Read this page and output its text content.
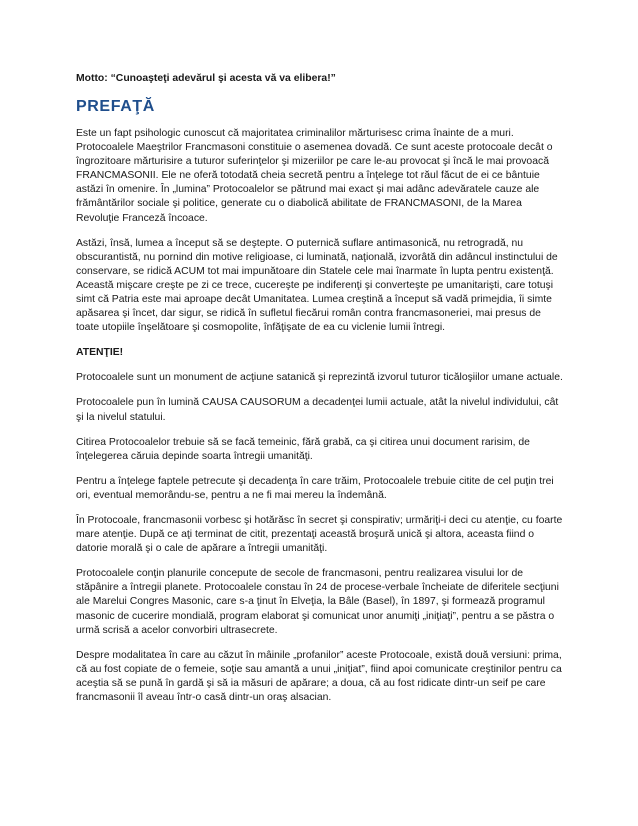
Motto: “Cunoaşteţi adevărul şi acesta vă va elibera!”

PREFAŢĂ

Este un fapt psihologic cunoscut că majoritatea criminalilor mărturisesc crima înainte de a muri. Protocoalele Maeştrilor Francmasoni constituie o asemenea dovadă. Ce sunt aceste protocoale decât o îngrozitoare mărturisire a tuturor suferinţelor şi mizeriilor pe care le-au provocat şi încă le mai provoacă FRANCMASONII. Ele ne oferă totodată cheia secretă pentru a înţelege tot răul făcut de ei ce bântuie astăzi în omenire. În „lumina” Protocoalelor se pătrund mai exact şi mai adânc adevăratele cauze ale frământărilor sociale şi politice, generate cu o diabolică abilitate de FRANCMASONI, de la Marea Revoluţie Franceză încoace.

Astăzi, însă, lumea a început să se deştepte. O puternică suflare antimasonică, nu retrogradă, nu obscurantistă, nu pornind din motive religioase, ci luminată, naţională, izvorâtă din adâncul instinctului de conservare, se ridică ACUM tot mai impunătoare din Statele cele mai înarmate în lupta pentru existenţă. Această mişcare creşte pe zi ce trece, cucereşte pe indiferenţi şi converteşte pe umanitarişti, care totuşi simt că Patria este mai aproape decât Umanitatea. Lumea creştină a început să vadă primejdia, îi simte apăsarea şi încet, dar sigur, se ridică în sufletul fiecărui român contra francmasoneriei, mai presus de toate utopiile înşelătoare şi cosmopolite, înfăţişate de ea cu viclenie lumii întregi.

ATENŢIE!

Protocoalele sunt un monument de acţiune satanică şi reprezintă izvorul tuturor ticăloşiilor umane actuale.

Protocoalele pun în lumină CAUSA CAUSORUM a decadenţei lumii actuale, atât la nivelul individului, cât şi la nivelul statului.

Citirea Protocoalelor trebuie să se facă temeinic, fără grabă, ca şi citirea unui document rarisim, de înţelegerea căruia depinde soarta întregii umanităţi.

Pentru a înţelege faptele petrecute şi decadenţa în care trăim, Protocoalele trebuie citite de cel puţin trei ori, eventual memorându-se, pentru a ne fi mai mereu la îndemână.

În Protocoale, francmasonii vorbesc şi hotărăsc în secret şi conspirativ; urmăriţi-i deci cu atenţie, cu foarte mare atenţie. După ce aţi terminat de citit, prezentaţi această broşură unică şi altora, aceasta fiind o datorie morală şi o cale de apărare a întregii umanităţi.

Protocoalele conţin planurile concepute de secole de francmasoni, pentru realizarea visului lor de stăpânire a întregii planete. Protocoalele constau în 24 de procese-verbale încheiate de diferitele secţiuni ale Marelui Congres Masonic, care s-a ţinut în Elveţia, la Bâle (Basel), în 1897, şi formează programul masonic de cucerire mondială, program elaborat şi comunicat unor anumiţi „iniţiaţi”, pentru a se păstra o urmă scrisă a acelor convorbiri ultrasecrete.

Despre modalitatea în care au căzut în mâinile „profanilor” aceste Protocoale, există două versiuni: prima, că au fost copiate de o femeie, soţie sau amantă a unui „iniţiat”, fiind apoi comunicate creştinilor pentru ca aceştia să se pună în gardă şi să ia măsuri de apărare; a doua, că au fost ridicate dintr-un seif pe care francmasonii îl aveau într-o casă dintr-un oraş alsacian.
